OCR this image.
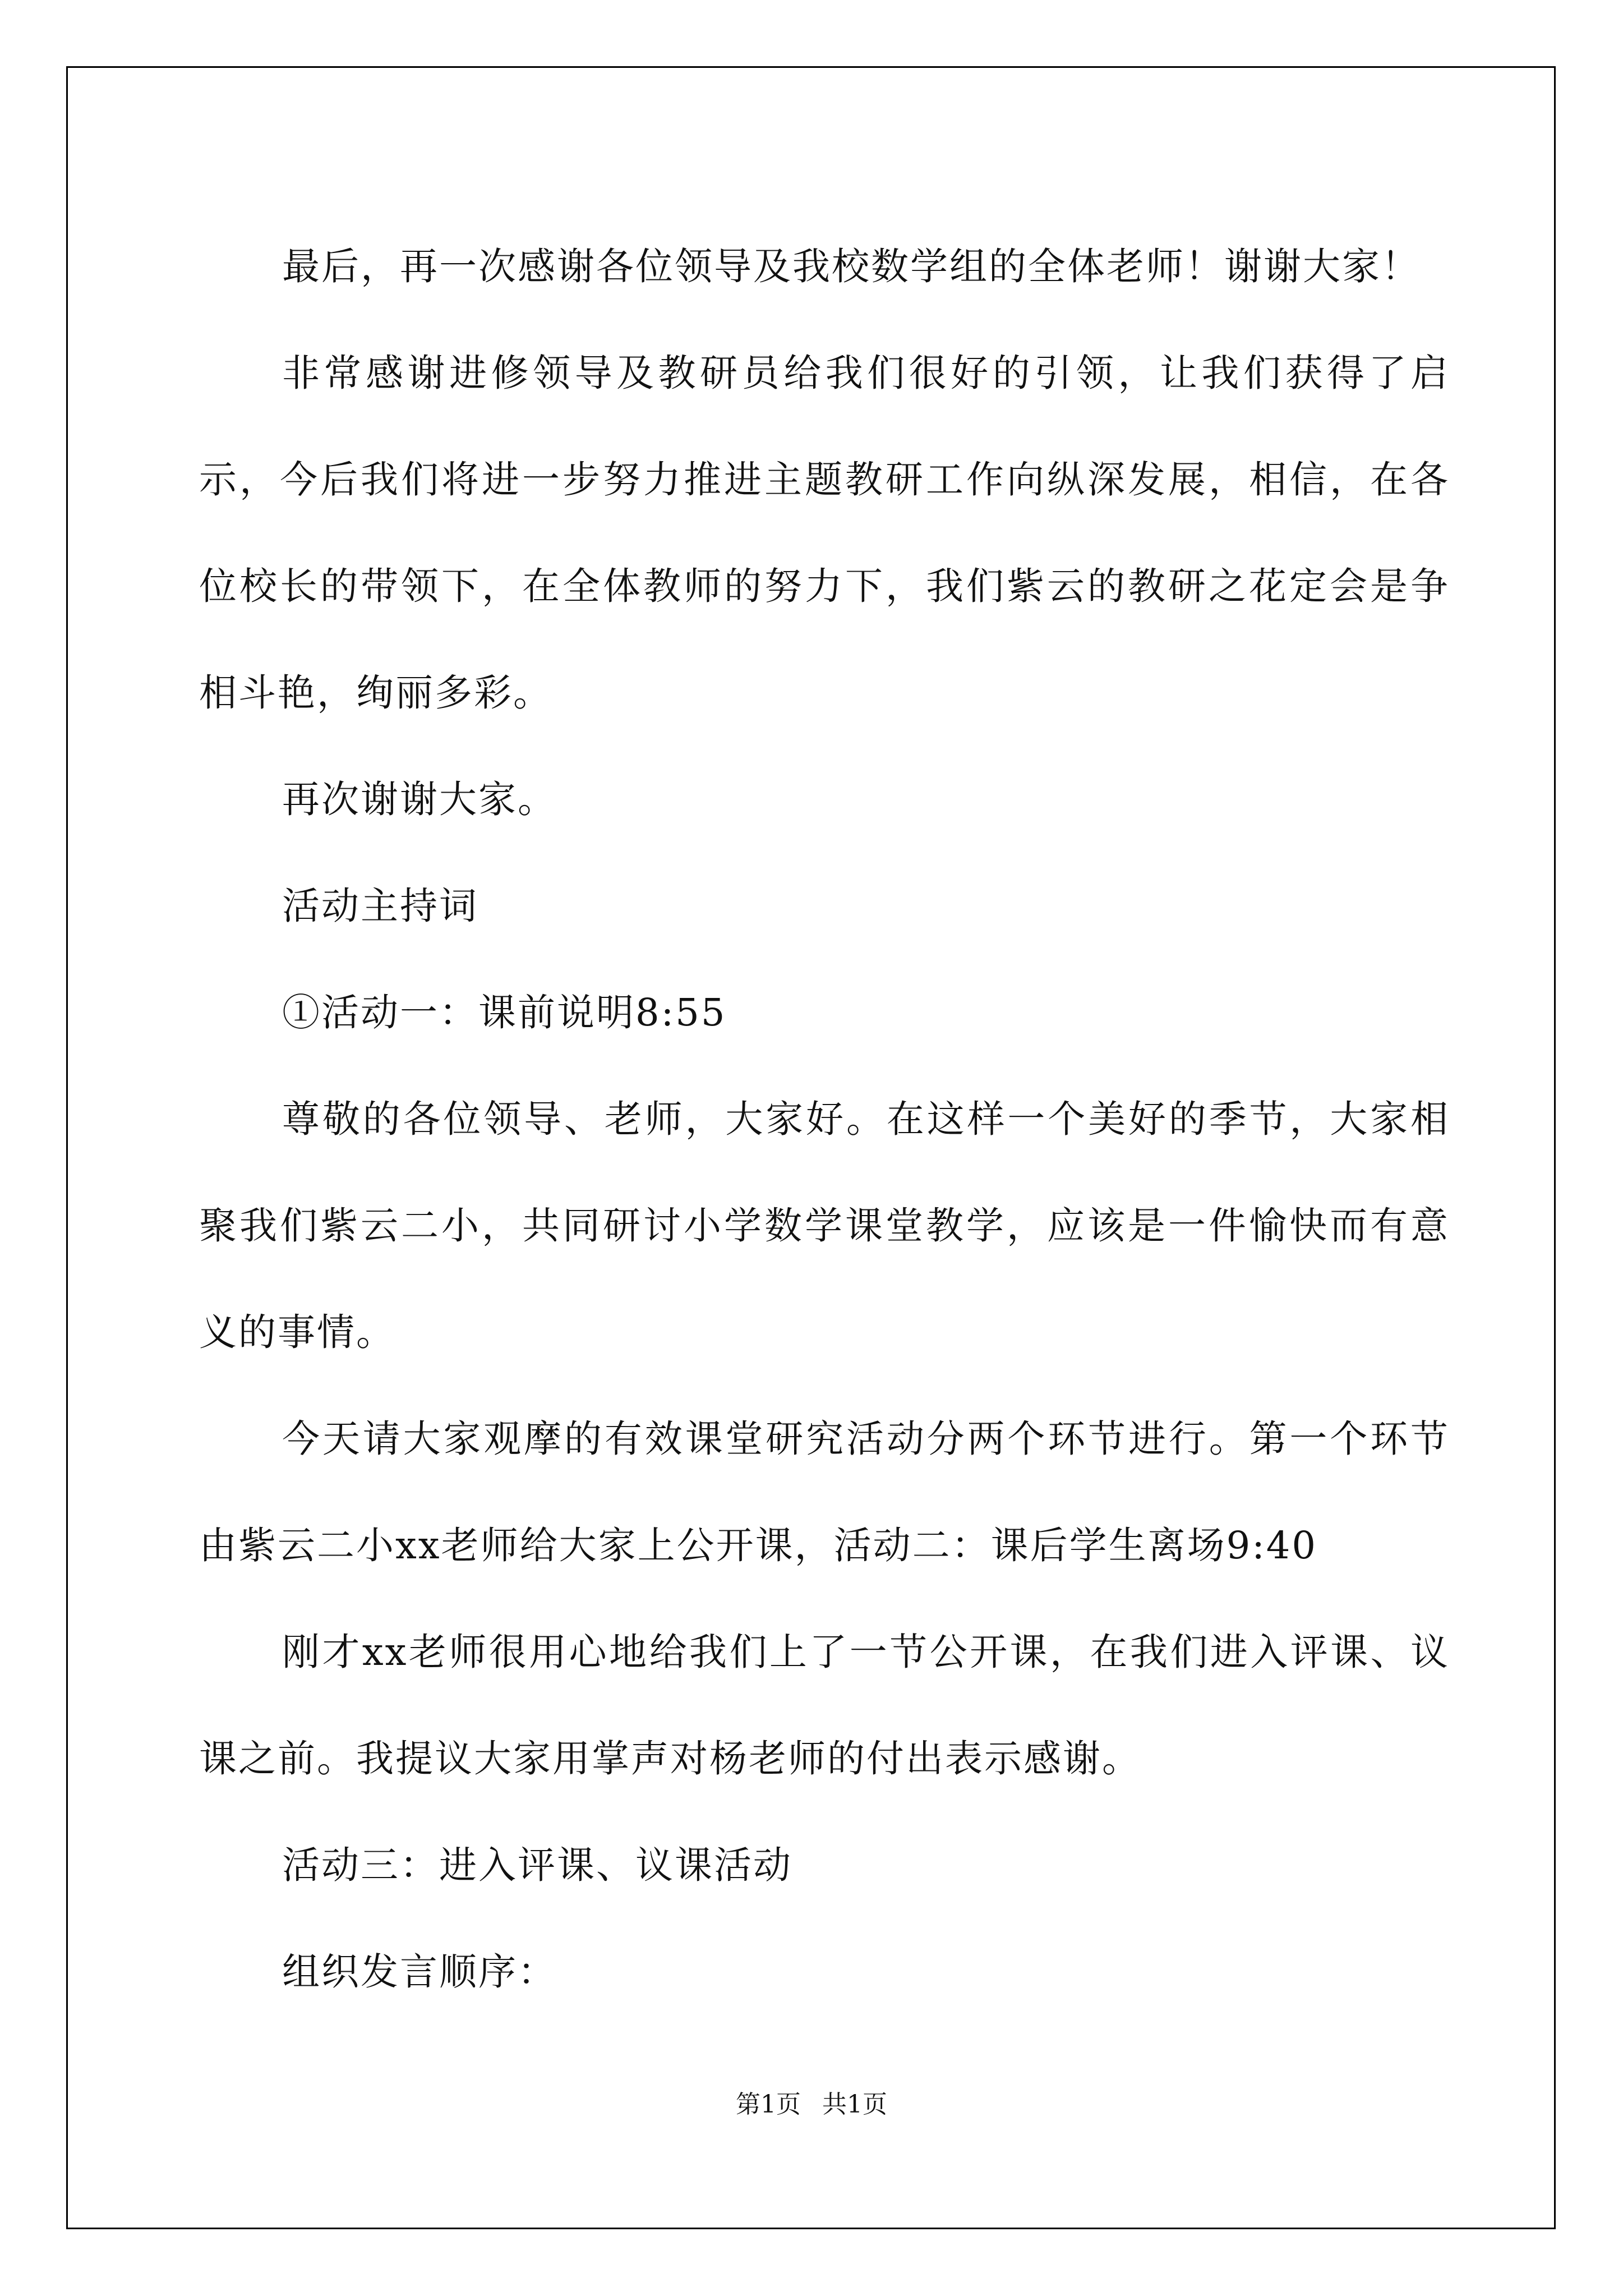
最后，再一次感谢各位领导及我校数学组的全体老师！谢谢大家！

非常感谢进修领导及教研员给我们很好的引领，让我们获得了启示，今后我们将进一步努力推进主题教研工作向纵深发展，相信，在各位校长的带领下，在全体教师的努力下，我们紫云的教研之花定会是争相斗艳，绚丽多彩。

再次谢谢大家。

活动主持词

①活动一：课前说明8:55

尊敬的各位领导、老师，大家好。在这样一个美好的季节，大家相聚我们紫云二小，共同研讨小学数学课堂教学，应该是一件愉快而有意义的事情。

今天请大家观摩的有效课堂研究活动分两个环节进行。第一个环节由紫云二小xx老师给大家上公开课，活动二：课后学生离场9:40

刚才xx老师很用心地给我们上了一节公开课，在我们进入评课、议课之前。我提议大家用掌声对杨老师的付出表示感谢。

活动三：进入评课、议课活动

组织发言顺序：

第1页 共1页
